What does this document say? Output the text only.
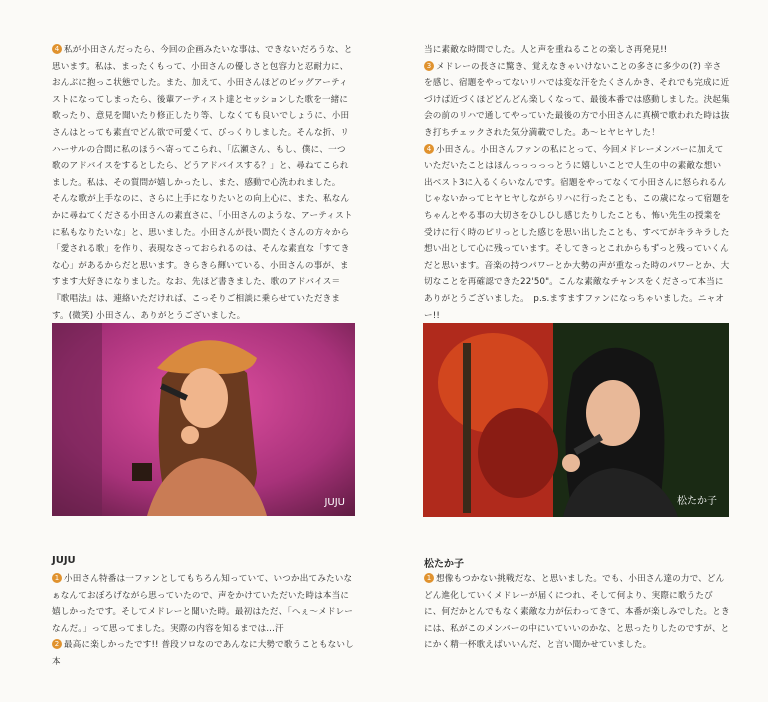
4 私が小田さんだったら、今回の企画みたいな事は、できないだろうな、と思います。私は、まったくもって、小田さんの優しさと包容力と忍耐力に、おんぶに抱っこ状態でした。また、加えて、小田さんほどのビッグアーティストになってしまったら、後輩アーティスト達とセッションした歌を一緒に歌ったり、意見を聞いたり修正したり等、しなくても良いでしょうに、小田さんはとっても素直でどん欲で可愛くて、びっくりしました。そんな折、リハーサルの合間に私のほうへ寄ってこられ、「広瀬さん、もし、僕に、一つ歌のアドバイスをするとしたら、どうアドバイスする？」と、尋ねてこられました。私は、その質問が嬉しかったし、また、感動で心洗われました。

そんな歌が上手なのに、さらに上手になりたいとの向上心に、また、私なんかに尋ねてくださる小田さんの素直さに、「小田さんのような、アーティストに私もなりたいな」と、思いました。小田さんが長い間たくさんの方々から「愛される歌」を作り、表現なさっておられるのは、そんな素直な「すてきな心」があるからだと思います。きらきら輝いている、小田さんの事が、ますます大好きになりました。なお、先ほど書きました、歌のアドバイス＝『歌唱法』は、連絡いただければ、こっそりご相談に乗らせていただきます。(微笑) 小田さん、ありがとうございました。

当に素敵な時間でした。人と声を重ねることの楽しさ再発見!!

3 メドレーの長さに驚き、覚えなきゃいけないことの多さに多少の(?) 辛さを感じ、宿題をやってないリハでは変な汗をたくさんかき、それでも完成に近づけば近づくほどどんどん楽しくなって、最後本番では感動しました。決起集会の前のリハで通してやっていた最後の方で小田さんに真横で歌われた時は抜き打ちチェックされた気分満載でした。あ～ヒヤヒヤした！

4 小田さん。小田さんファンの私にとって、今回メドレーメンバーに加えていただいたことはほんっっっっっとうに嬉しいことで人生の中の素敵な想い出ベスト3に入るくらいなんです。宿題をやってなくて小田さんに怒られるんじゃないかってヒヤヒヤしながらリハに行ったことも、この歳になって宿題をちゃんとやる事の大切さをひしひし感じたりしたことも、怖い先生の授業を受けに行く時のピリっとした感じを思い出したことも、すべてがキラキラした想い出として心に残っています。そしてきっとこれからもずっと残っていくんだと思います。音楽の持つパワーとか大勢の声が重なった時のパワーとか、大切なことを再確認できた22'50"。こんな素敵なチャンスをくださって本当にありがとうございました。　p.s.ますますファンになっちゃいました。ニャオー!!

JUJU	松たか子
JUJU

1 小田さん特番は一ファンとしてもちろん知っていて、いつか出てみたいなぁなんておぼろげながら思っていたので、声をかけていただいた時は本当に嬉しかったです。そしてメドレーと聞いた時。最初はただ、「へぇ～メドレーなんだ。」って思ってました。実際の内容を知るまでは…汗

2 最高に楽しかったです!! 普段ソロなのであんなに大勢で歌うこともないし本

松たか子

1 想像もつかない挑戦だな、と思いました。でも、小田さん達の力で、どんどん進化していくメドレーが届くにつれ、そして何より、実際に歌うたびに、何だかとんでもなく素敵な力が伝わってきて、本番が楽しみでした。ときには、私がこのメンバーの中にいていいのかな、と思ったりしたのですが、とにかく精一杯歌えばいいんだ、と言い聞かせていました。
